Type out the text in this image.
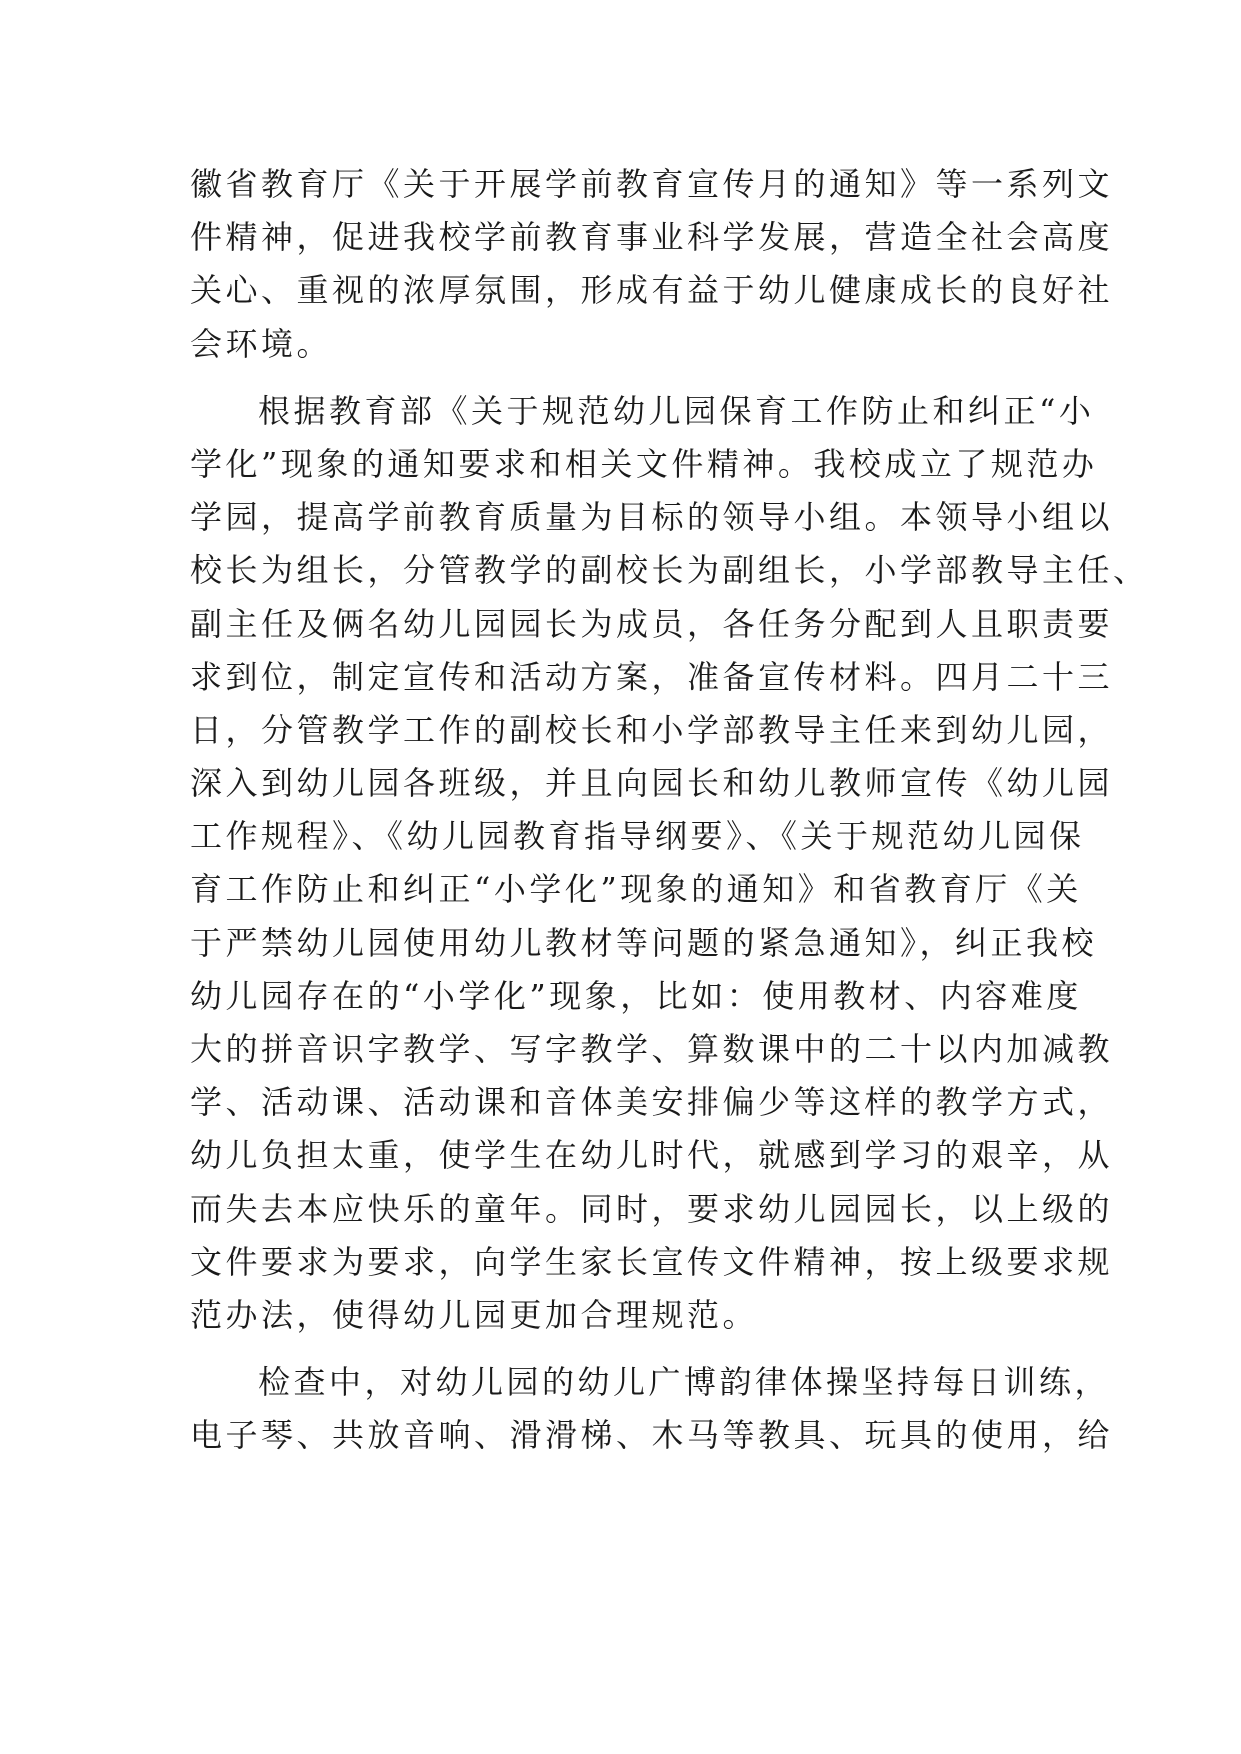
徽省教育厅《关于开展学前教育宣传月的通知》等一系列文
件精神，促进我校学前教育事业科学发展，营造全社会高度
关心、重视的浓厚氛围，形成有益于幼儿健康成长的良好社
会环境。
根据教育部《关于规范幼儿园保育工作防止和纠正“小
学化”现象的通知要求和相关文件精神。我校成立了规范办
学园，提高学前教育质量为目标的领导小组。本领导小组以
校长为组长，分管教学的副校长为副组长，小学部教导主任、
副主任及俩名幼儿园园长为成员，各任务分配到人且职责要
求到位，制定宣传和活动方案，准备宣传材料。四月二十三
日，分管教学工作的副校长和小学部教导主任来到幼儿园，
深入到幼儿园各班级，并且向园长和幼儿教师宣传《幼儿园
工作规程》、《幼儿园教育指导纲要》、《关于规范幼儿园保
育工作防止和纠正“小学化”现象的通知》和省教育厅《关
于严禁幼儿园使用幼儿教材等问题的紧急通知》，纠正我校
幼儿园存在的“小学化”现象，比如：使用教材、内容难度
大的拼音识字教学、写字教学、算数课中的二十以内加减教
学、活动课、活动课和音体美安排偏少等这样的教学方式，
幼儿负担太重，使学生在幼儿时代，就感到学习的艰辛，从
而失去本应快乐的童年。同时，要求幼儿园园长，以上级的
文件要求为要求，向学生家长宣传文件精神，按上级要求规
范办法，使得幼儿园更加合理规范。
检查中，对幼儿园的幼儿广博韵律体操坚持每日训练，
电子琴、共放音响、滑滑梯、木马等教具、玩具的使用，给
